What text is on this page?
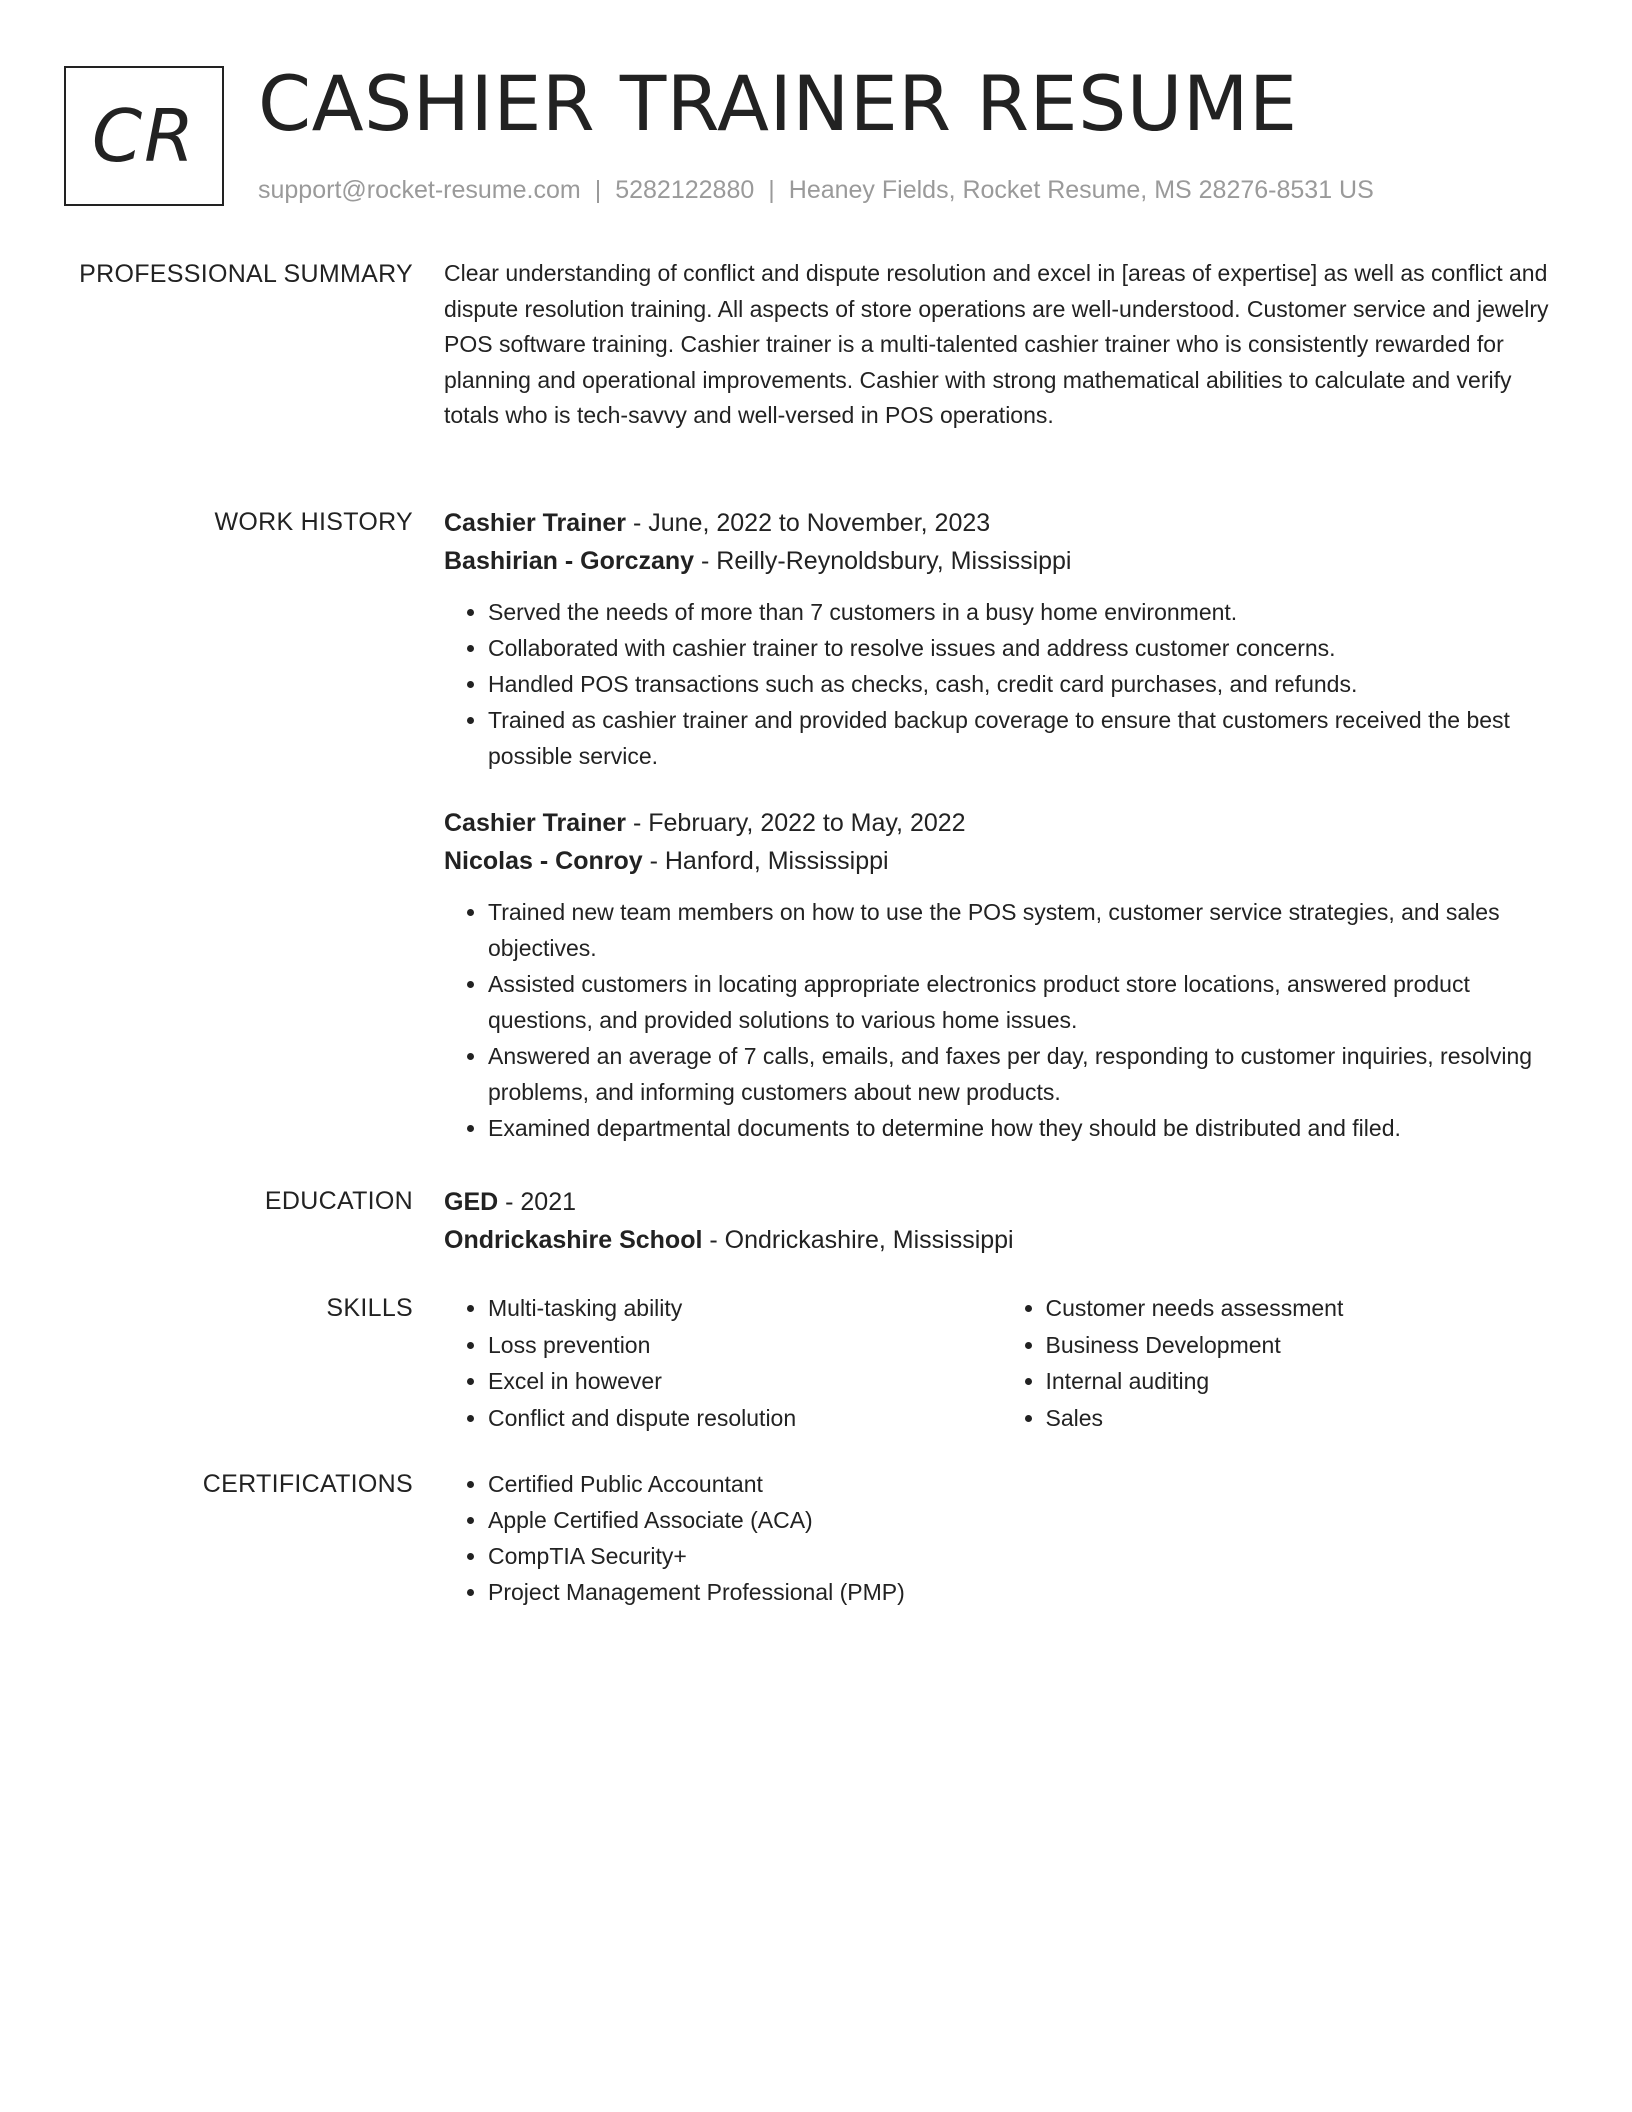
CR CASHIER TRAINER RESUME
support@rocket-resume.com | 5282122880 | Heaney Fields, Rocket Resume, MS 28276-8531 US
PROFESSIONAL SUMMARY Clear understanding of conflict and dispute resolution and excel in [areas of expertise] as well as conflict and dispute resolution training. All aspects of store operations are well-understood. Customer service and jewelry POS software training. Cashier trainer is a multi-talented cashier trainer who is consistently rewarded for planning and operational improvements. Cashier with strong mathematical abilities to calculate and verify totals who is tech-savvy and well-versed in POS operations.

WORK HISTORY Cashier Trainer - June, 2022 to November, 2023

Bashirian - Gorczany - Reilly-Reynoldsbury, Mississippi

• Served the needs of more than 7 customers in a busy home environment.
• Collaborated with cashier trainer to resolve issues and address customer concerns.
• Handled POS transactions such as checks, cash, credit card purchases, and refunds.
• Trained as cashier trainer and provided backup coverage to ensure that customers received the best possible service.

Cashier Trainer - February, 2022 to May, 2022

Nicolas - Conroy - Hanford, Mississippi

• Trained new team members on how to use the POS system, customer service strategies, and sales objectives.
• Assisted customers in locating appropriate electronics product store locations, answered product questions, and provided solutions to various home issues.
• Answered an average of 7 calls, emails, and faxes per day, responding to customer inquiries, resolving problems, and informing customers about new products.
• Examined departmental documents to determine how they should be distributed and filed.
EDUCATION GED - 2021

Ondrickashire School - Ondrickashire, Mississippi

SKILLS	• Multi-tasking ability
• Loss prevention
• Excel in however
• Conflict and dispute resolution
• Customer needs assessment
• Business Development
• Internal auditing
• Sales
CERTIFICATIONS	• Certified Public Accountant
• Apple Certified Associate (ACA)
• CompTIA Security+
• Project Management Professional (PMP)
